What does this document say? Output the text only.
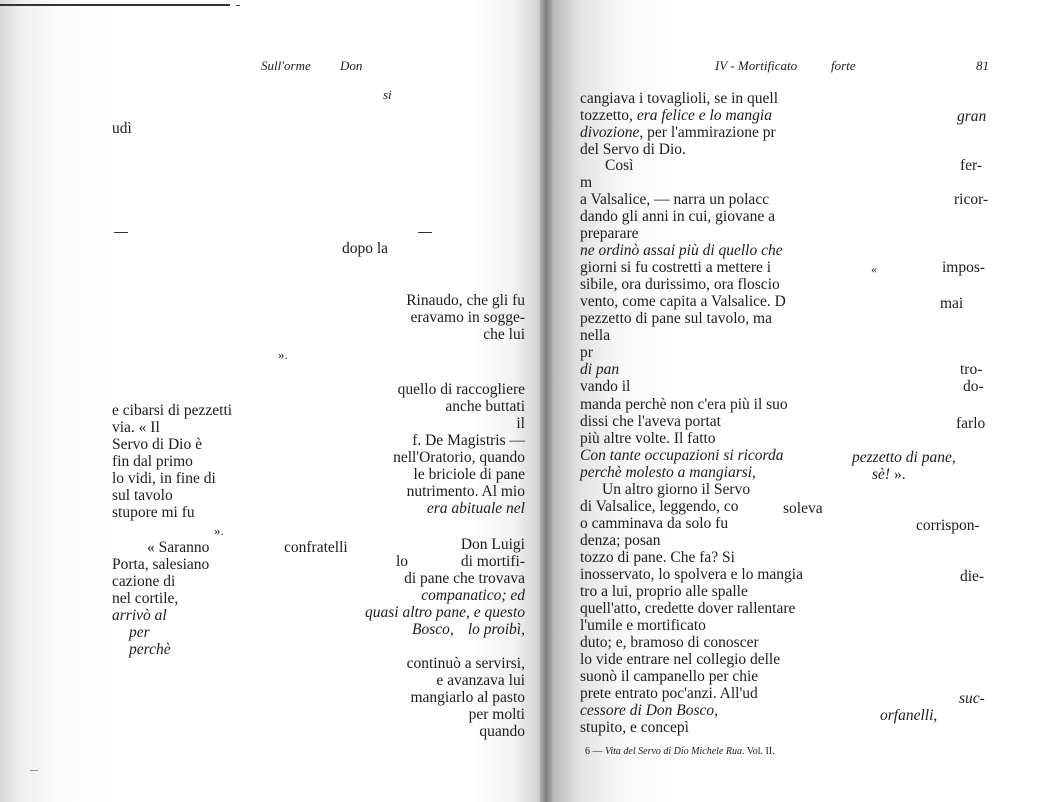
Sull'orme Don
si
udì
dopo la
Rinaudo, che gli fu
eravamo in sogge-
che lui
».
quello di raccogliere
anche buttati
e cibarsi di pezzetti
il
via. « Il
f. De Magistris —
Servo di Dio è
nell'Oratorio, quando
fin dal primo
le briciole di pane
lo vidi, in fine di
nutrimento. Al mio
sul tavolo
era abituale nel
stupore mi fu
».
« Saranno	confratelli	Don Luigi
Porta, salesiano	lo	di mortifi-
cazione di	di pane che trovava
nel cortile,	companatico; ed
arrivò al	quasi altro pane, e questo
per	Bosco, lo proibì,
perchè
continuò a servirsi,
e avanzava lui
mangiarlo al pasto
per molti
quando
IV - Mortificato	forte	81
cangiava i tovaglioli, se in quell
tozzetto, era felice e lo mangia	gran
divozione, per l'ammirazione pr
del Servo di Dio.
Così	fer-
m
a Valsalice, — narra un polacc	ricor-
dando gli anni in cui, giovane a
preparare
ne ordinò assai più di quello che
giorni si fu costretti a mettere i	«	impos-
sibile, ora durissimo, ora floscio
vento, come capita a Valsalice. D	mai
pezzetto di pane sul tavolo, ma
nella
pr
di pan	tro-
vando il	do-
manda perchè non c'era più il suo
dissi che l'aveva portat	farlo
più altre volte. Il fatto
Con tante occupazioni si ricorda	pezzetto di pane,
perchè molesto a mangiarsi,	sè! ».
Un altro giorno il Servo
di Valsalice, leggendo, co	soleva
o camminava da solo fu	corrispon-
denza; posan
tozzo di pane. Che fa? Si
inosservato, lo spolvera e lo mangia	die-
tro a lui, proprio alle spalle
quell'atto, credette dover rallentare
l'umile e mortificato
duto; e, bramoso di conoscer
lo vide entrare nel collegio delle
suonò il campanello per chie
prete entrato poc'anzi. All'ud	suc-
cessore di Don Bosco,	orfanelli,
stupito, e concepì
6 — Vita del Servo di Dio Michele Rua. Vol. II.
